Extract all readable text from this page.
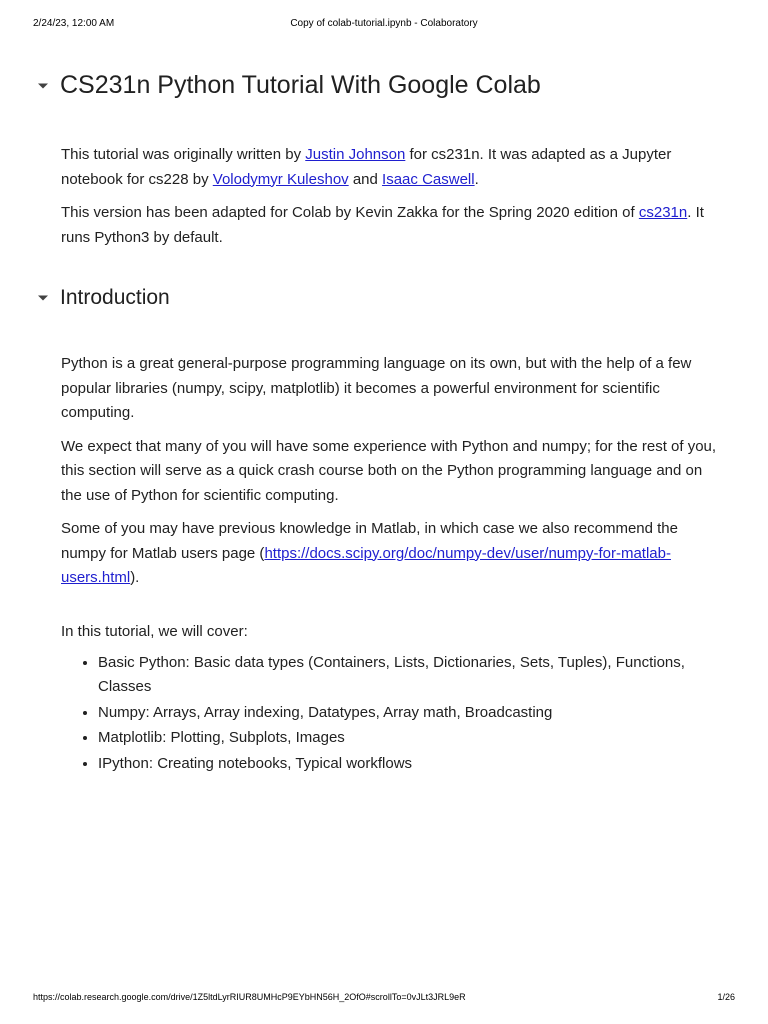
2/24/23, 12:00 AM	Copy of colab-tutorial.ipynb - Colaboratory
CS231n Python Tutorial With Google Colab

This tutorial was originally written by Justin Johnson for cs231n. It was adapted as a Jupyter notebook for cs228 by Volodymyr Kuleshov and Isaac Caswell.

This version has been adapted for Colab by Kevin Zakka for the Spring 2020 edition of cs231n. It runs Python3 by default.

Introduction

Python is a great general-purpose programming language on its own, but with the help of a few popular libraries (numpy, scipy, matplotlib) it becomes a powerful environment for scientific computing.

We expect that many of you will have some experience with Python and numpy; for the rest of you, this section will serve as a quick crash course both on the Python programming language and on the use of Python for scientific computing.

Some of you may have previous knowledge in Matlab, in which case we also recommend the numpy for Matlab users page (https://docs.scipy.org/doc/numpy-dev/user/numpy-for-matlab-users.html).

In this tutorial, we will cover:

• Basic Python: Basic data types (Containers, Lists, Dictionaries, Sets, Tuples), Functions, Classes
• Numpy: Arrays, Array indexing, Datatypes, Array math, Broadcasting
• Matplotlib: Plotting, Subplots, Images
• IPython: Creating notebooks, Typical workflows
https://colab.research.google.com/drive/1Z5ltdLyrRIUR8UMHcP9EYbHN56H_2OfO#scrollTo=0vJLt3JRL9eR	1/26
